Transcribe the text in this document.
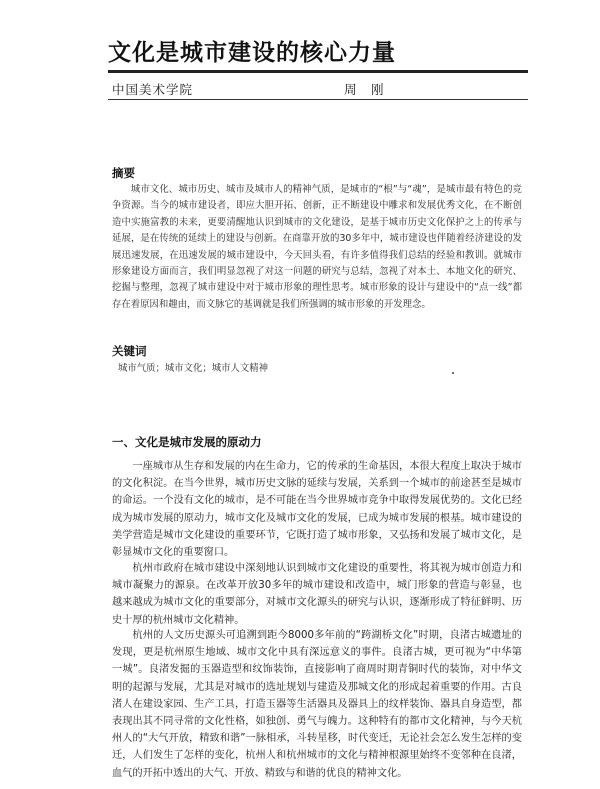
文化是城市建设的核心力量
中国美术学院	周　刚
摘要

城市文化、城市历史、城市及城市人的精神气质，是城市的“根”与“魂”，是城市最有特色的竞争资源。当今的城市建设者，即应大胆开拓、创新，正不断建设中雕求和发展优秀文化，在不断创造中实施富教的未来，更要清醒地认识到城市的文化建设，是基于城市历史文化保护之上的传承与延展，是在传统的延续上的建设与创新。在商靠开放的30多年中，城市建设也伴随着经济建设的发展迅速发展，在迅速发展的城市建设中，今天回头看，有许多值得我们总结的经验和教训。就城市形象建设方面而言，我们明显忽视了对这一问题的研究与总结，忽视了对本土、本地文化的研究、挖掘与整理，忽视了城市建设中对于城市形象的理性思考。城市形象的设计与建设中的“点一线”都存在着原因和趣由，而文脉它的基调就是我们所强调的城市形象的开发理念。

关键词

城市气质；城市文化；城市人文精神

一、文化是城市发展的原动力

一座城市从生存和发展的内在生命力，它的传承的生命基因，本很大程度上取决于城市的文化积淀。在当今世界，城市历史文脉的延续与发展，关系到一个城市的前途甚至是城市的命运。一个没有文化的城市，是不可能在当今世界城市竞争中取得发展优势的。文化已经成为城市发展的原动力，城市文化及城市文化的发展，已成为城市发展的根基。城市建设的美学营造是城市文化建设的重要环节，它既打造了城市形象，又弘扬和发展了城市文化，是彰显城市文化的重要窗口。

杭州市政府在城市建设中深刻地认识到城市文化建设的重要性，将其视为城市创造力和城市凝聚力的源泉。在改革开放30多年的城市建设和改造中，城门形象的营造与彰显，也越来越成为城市文化的重要部分，对城市文化源头的研究与认识，逐渐形成了特征鲜明、历史十厚的杭州城市文化精神。

杭州的人文历史源头可追溯到距今8000多年前的“跨湖桥文化”时期，良渚古城遗址的发现，更是杭州原生地域、城市文化中具有深远意义的事件。良渚古城，更可视为“中华第一城”。良渚发掘的玉器造型和纹饰装饰，直接影响了商周时期青铜时代的装饰，对中华文明的起源与发展，尤其是对城市的选址规划与建造及那城文化的形成起着重要的作用。古良渚人在建设家园、生产工具，打造玉器等生活器具及器具上的纹样装饰、器具自身造型，都表现出其不同寻常的文化性格，如独创、勇气与魄力。这种特有的都市文化精神，与今天杭州人的“大气开放，精致和谐”一脉相承，斗转星移，时代变迁，无论社会怎么发生怎样的变迁，人们发生了怎样的变化，杭州人和杭州城市的文化与精神根源里始终不变邻种在良渚，血气的开拓中透出的大气、开放、精致与和谐的优良的精神文化。
